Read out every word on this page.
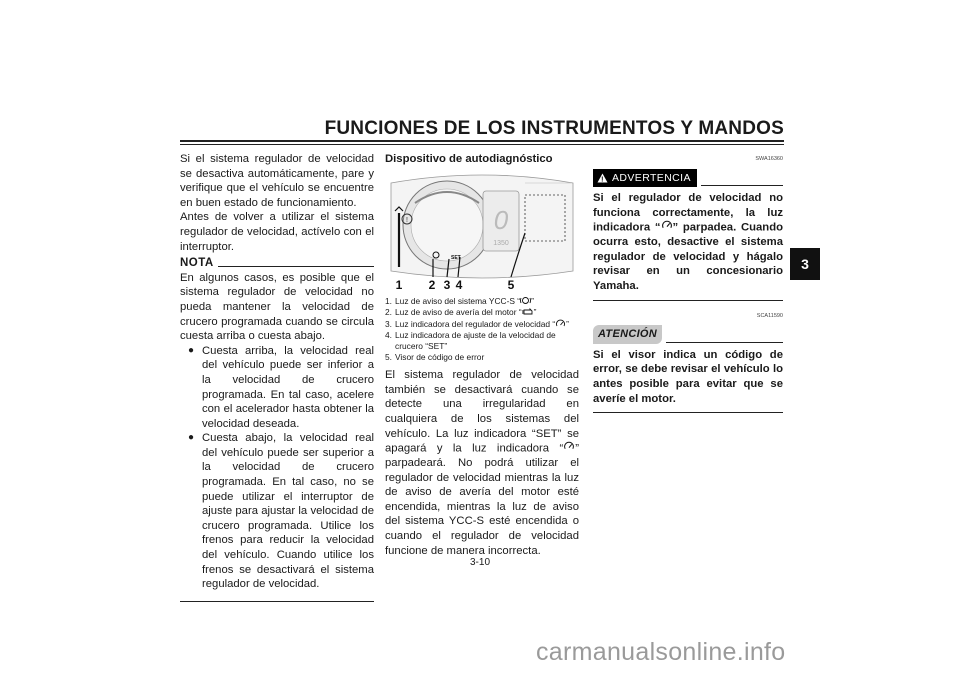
FUNCIONES DE LOS INSTRUMENTOS Y MANDOS
3

Si el sistema regulador de velocidad se desactiva automáticamente, pare y verifique que el vehículo se encuentre en buen estado de funcionamiento.

Antes de volver a utilizar el sistema regulador de velocidad, actívelo con el interruptor.

NOTA

En algunos casos, es posible que el sistema regulador de velocidad no pueda mantener la velocidad de crucero programada cuando se circula cuesta arriba o cuesta abajo.

● Cuesta arriba, la velocidad real del vehículo puede ser inferior a la velocidad de crucero programada. En tal caso, acelere con el acelerador hasta obtener la velocidad deseada.
● Cuesta abajo, la velocidad real del vehículo puede ser superior a la velocidad de crucero programada. En tal caso, no se puede utilizar el interruptor de ajuste para ajustar la velocidad de crucero programada. Utilice los frenos para reducir la velocidad del vehículo. Cuando utilice los frenos se desactivará el sistema regulador de velocidad.
Dispositivo de autodiagnóstico
0
1350
!
SET
1 2 3 4	5
1. Luz de aviso del sistema YCC-S “ ”
2. Luz de aviso de avería del motor “ ”
3. Luz indicadora del regulador de velocidad “ ”
4. Luz indicadora de ajuste de la velocidad de crucero “SET”
5. Visor de código de error

El sistema regulador de velocidad también se desactivará cuando se detecte una irregularidad en cualquiera de los sistemas del vehículo. La luz indicadora “SET” se apagará y la luz indicadora “ ” parpadeará. No podrá utilizar el regulador de velocidad mientras la luz de aviso de avería del motor esté encendida, mientras la luz de aviso del sistema YCC-S esté encendida o cuando el regulador de velocidad funcione de manera incorrecta.

SWA16360
! ADVERTENCIA

Si el regulador de velocidad no funciona correctamente, la luz indicadora “ ” parpadea. Cuando ocurra esto, desactive el sistema regulador de velocidad y hágalo revisar en un concesionario Yamaha.

SCA11590
ATENCIÓN

Si el visor indica un código de error, se debe revisar el vehículo lo antes posible para evitar que se averíe el motor.

3-10
carmanualsonline.info
